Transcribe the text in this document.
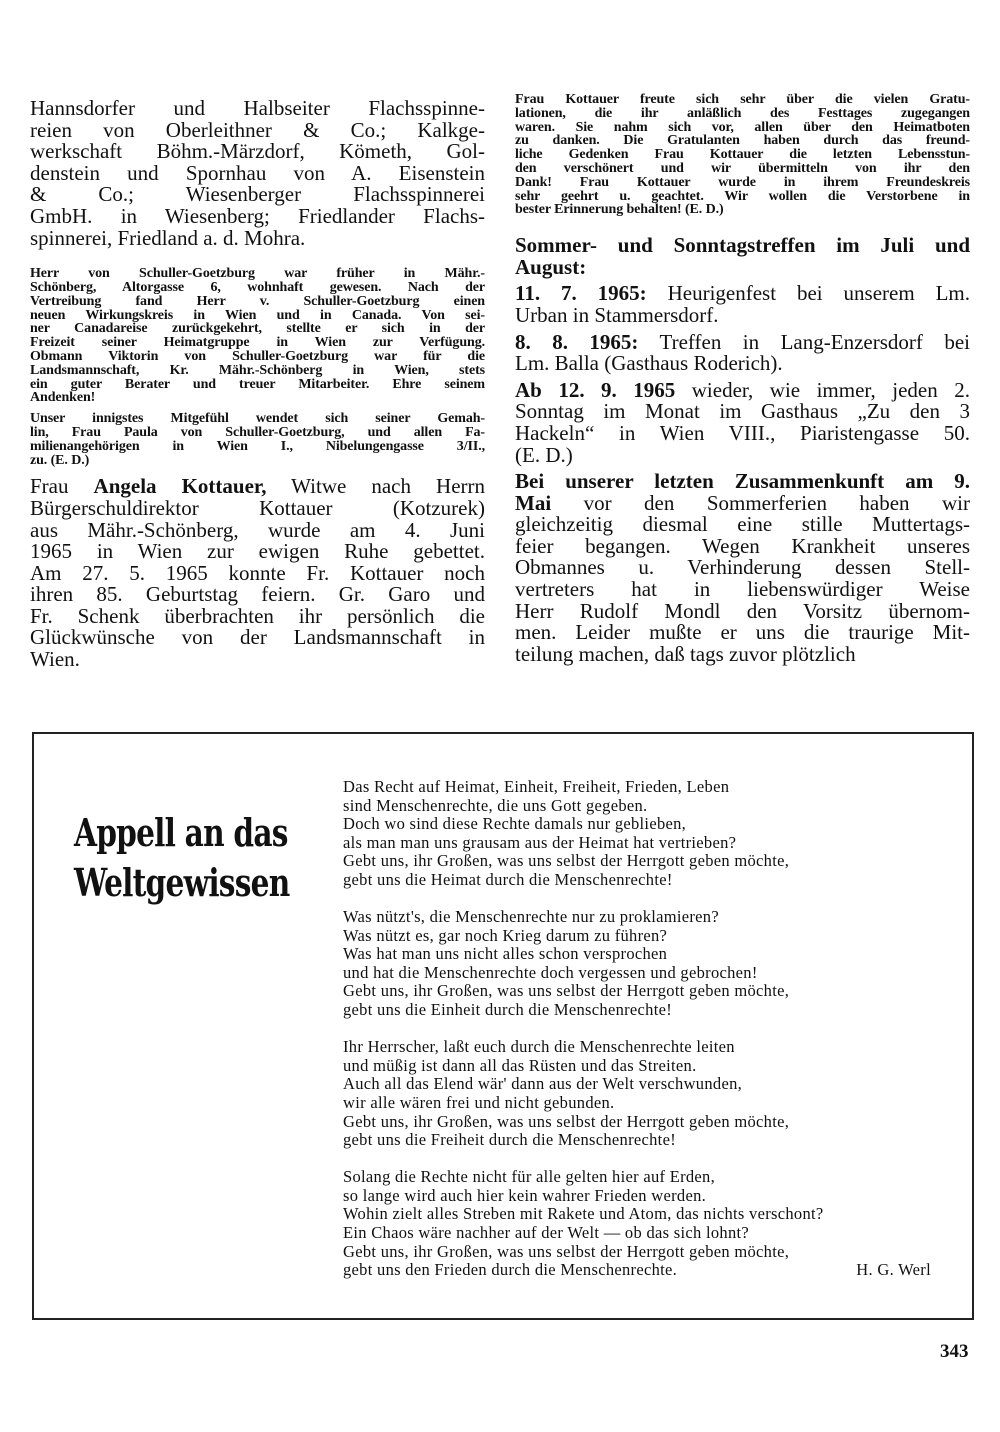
Hannsdorfer und Halbseiter Flachsspinne-
reien von Oberleithner & Co.; Kalkge-
werkschaft Böhm.-Märzdorf, Kömeth, Gol-
denstein und Spornhau von A. Eisenstein
& Co.; Wiesenberger Flachsspinnerei
GmbH. in Wiesenberg; Friedlander Flachs-
spinnerei, Friedland a. d. Mohra.
Herr von Schuller-Goetzburg war früher in Mähr.-
Schönberg, Altorgasse 6, wohnhaft gewesen. Nach der
Vertreibung fand Herr v. Schuller-Goetzburg einen
neuen Wirkungskreis in Wien und in Canada. Von sei-
ner Canadareise zurückgekehrt, stellte er sich in der
Freizeit seiner Heimatgruppe in Wien zur Verfügung.
Obmann Viktorin von Schuller-Goetzburg war für die
Landsmannschaft, Kr. Mähr.-Schönberg in Wien, stets
ein guter Berater und treuer Mitarbeiter. Ehre seinem
Andenken!
Unser innigstes Mitgefühl wendet sich seiner Gemah-
lin, Frau Paula von Schuller-Goetzburg, und allen Fa-
milienangehörigen in Wien I., Nibelungengasse 3/II.,
zu. (E. D.)
Frau Angela Kottauer, Witwe nach Herrn
Bürgerschuldirektor Kottauer (Kotzurek)
aus Mähr.-Schönberg, wurde am 4. Juni
1965 in Wien zur ewigen Ruhe gebettet.
Am 27. 5. 1965 konnte Fr. Kottauer noch
ihren 85. Geburtstag feiern. Gr. Garo und
Fr. Schenk überbrachten ihr persönlich die
Glückwünsche von der Landsmannschaft in
Wien.
Frau Kottauer freute sich sehr über die vielen Gratu-
lationen, die ihr anläßlich des Festtages zugegangen
waren. Sie nahm sich vor, allen über den Heimatboten
zu danken. Die Gratulanten haben durch das freund-
liche Gedenken Frau Kottauer die letzten Lebensstun-
den verschönert und wir übermitteln von ihr den
Dank! Frau Kottauer wurde in ihrem Freundeskreis
sehr geehrt u. geachtet. Wir wollen die Verstorbene in
bester Erinnerung behalten! (E. D.)
Sommer- und Sonntagstreffen im Juli und
August:
11. 7. 1965: Heurigenfest bei unserem Lm.
Urban in Stammersdorf.
8. 8. 1965: Treffen in Lang-Enzersdorf bei
Lm. Balla (Gasthaus Roderich).
Ab 12. 9. 1965 wieder, wie immer, jeden 2.
Sonntag im Monat im Gasthaus „Zu den 3
Hackeln“ in Wien VIII., Piaristengasse 50.
(E. D.)
Bei unserer letzten Zusammenkunft am 9.
Mai vor den Sommerferien haben wir
gleichzeitig diesmal eine stille Muttertags-
feier begangen. Wegen Krankheit unseres
Obmannes u. Verhinderung dessen Stell-
vertreters hat in liebenswürdiger Weise
Herr Rudolf Mondl den Vorsitz übernom-
men. Leider mußte er uns die traurige Mit-
teilung machen, daß tags zuvor plötzlich
Appell an das
Weltgewissen
Das Recht auf Heimat, Einheit, Freiheit, Frieden, Leben
sind Menschenrechte, die uns Gott gegeben.
Doch wo sind diese Rechte damals nur geblieben,
als man man uns grausam aus der Heimat hat vertrieben?
Gebt uns, ihr Großen, was uns selbst der Herrgott geben möchte,
gebt uns die Heimat durch die Menschenrechte!
Was nützt's, die Menschenrechte nur zu proklamieren?
Was nützt es, gar noch Krieg darum zu führen?
Was hat man uns nicht alles schon versprochen
und hat die Menschenrechte doch vergessen und gebrochen!
Gebt uns, ihr Großen, was uns selbst der Herrgott geben möchte,
gebt uns die Einheit durch die Menschenrechte!
Ihr Herrscher, laßt euch durch die Menschenrechte leiten
und müßig ist dann all das Rüsten und das Streiten.
Auch all das Elend wär' dann aus der Welt verschwunden,
wir alle wären frei und nicht gebunden.
Gebt uns, ihr Großen, was uns selbst der Herrgott geben möchte,
gebt uns die Freiheit durch die Menschenrechte!
Solang die Rechte nicht für alle gelten hier auf Erden,
so lange wird auch hier kein wahrer Frieden werden.
Wohin zielt alles Streben mit Rakete und Atom, das nichts verschont?
Ein Chaos wäre nachher auf der Welt — ob das sich lohnt?
Gebt uns, ihr Großen, was uns selbst der Herrgott geben möchte,
gebt uns den Frieden durch die Menschenrechte.	H. G. Werl
343
